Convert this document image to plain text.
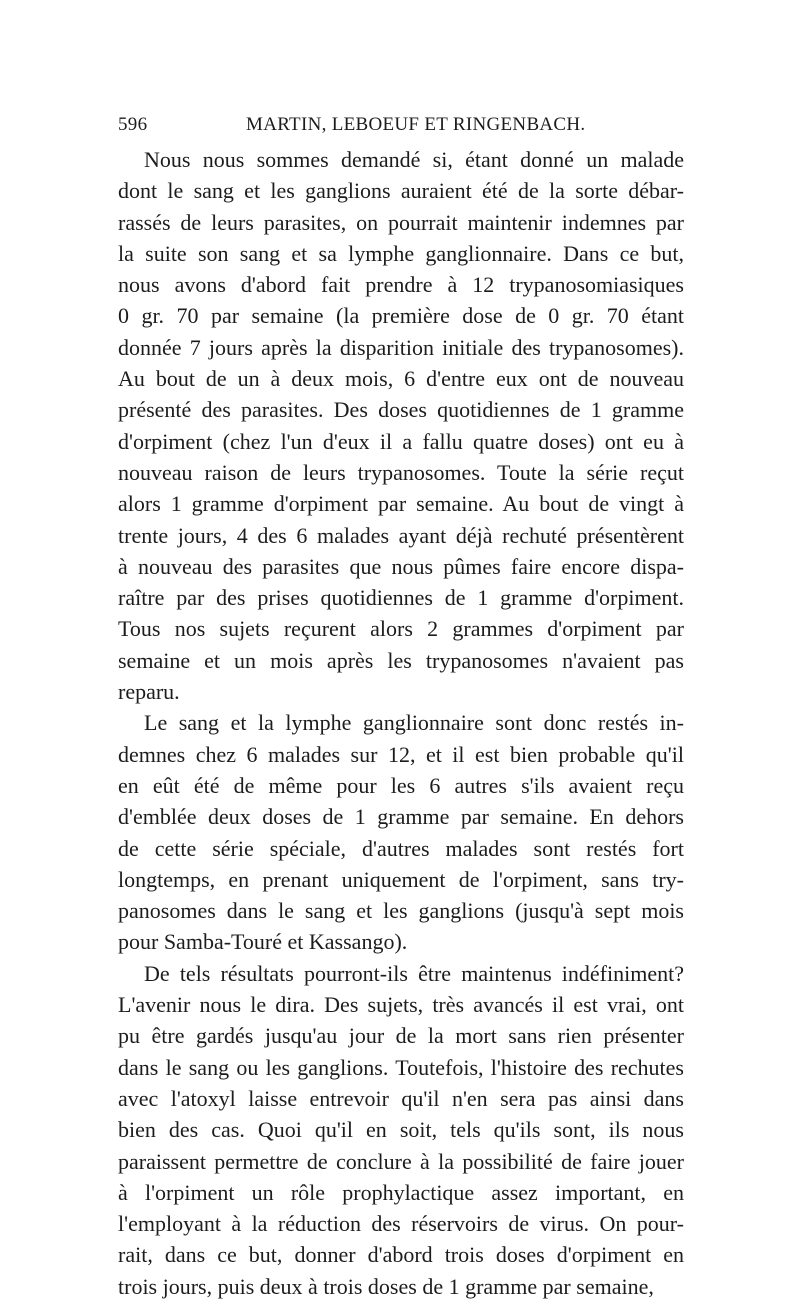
596	MARTIN, LEBOEUF ET RINGENBACH.
Nous nous sommes demandé si, étant donné un malade
dont le sang et les ganglions auraient été de la sorte débar-
rassés de leurs parasites, on pourrait maintenir indemnes par
la suite son sang et sa lymphe ganglionnaire. Dans ce but,
nous avons d'abord fait prendre à 12 trypanosomiasiques
0 gr. 70 par semaine (la première dose de 0 gr. 70 étant
donnée 7 jours après la disparition initiale des trypanosomes).
Au bout de un à deux mois, 6 d'entre eux ont de nouveau
présenté des parasites. Des doses quotidiennes de 1 gramme
d'orpiment (chez l'un d'eux il a fallu quatre doses) ont eu à
nouveau raison de leurs trypanosomes. Toute la série reçut
alors 1 gramme d'orpiment par semaine. Au bout de vingt à
trente jours, 4 des 6 malades ayant déjà rechuté présentèrent
à nouveau des parasites que nous pûmes faire encore dispa-
raître par des prises quotidiennes de 1 gramme d'orpiment.
Tous nos sujets reçurent alors 2 grammes d'orpiment par
semaine et un mois après les trypanosomes n'avaient pas
reparu.
Le sang et la lymphe ganglionnaire sont donc restés in-
demnes chez 6 malades sur 12, et il est bien probable qu'il
en eût été de même pour les 6 autres s'ils avaient reçu
d'emblée deux doses de 1 gramme par semaine. En dehors
de cette série spéciale, d'autres malades sont restés fort
longtemps, en prenant uniquement de l'orpiment, sans try-
panosomes dans le sang et les ganglions (jusqu'à sept mois
pour Samba-Touré et Kassango).
De tels résultats pourront-ils être maintenus indéfiniment?
L'avenir nous le dira. Des sujets, très avancés il est vrai, ont
pu être gardés jusqu'au jour de la mort sans rien présenter
dans le sang ou les ganglions. Toutefois, l'histoire des rechutes
avec l'atoxyl laisse entrevoir qu'il n'en sera pas ainsi dans
bien des cas. Quoi qu'il en soit, tels qu'ils sont, ils nous
paraissent permettre de conclure à la possibilité de faire jouer
à l'orpiment un rôle prophylactique assez important, en
l'employant à la réduction des réservoirs de virus. On pour-
rait, dans ce but, donner d'abord trois doses d'orpiment en
trois jours, puis deux à trois doses de 1 gramme par semaine,
